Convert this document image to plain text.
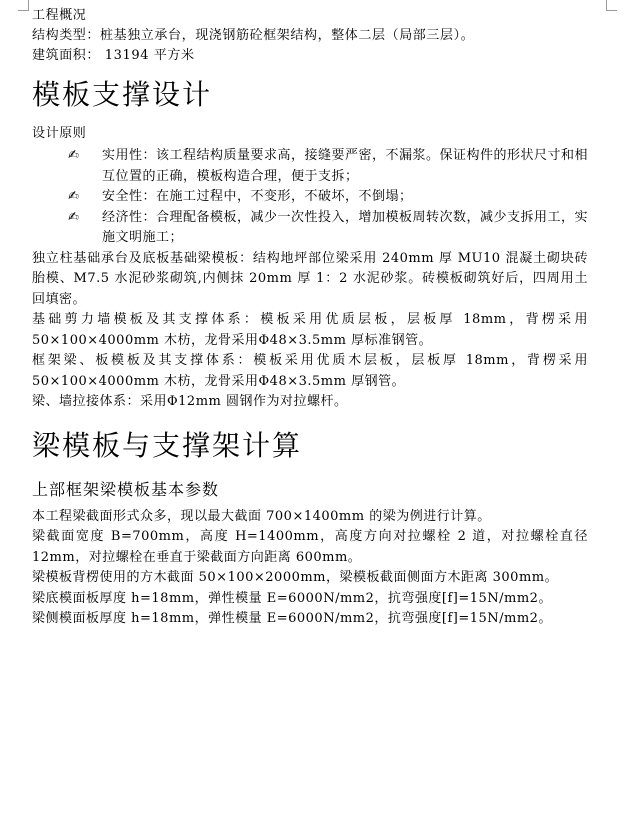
工程概况
结构类型：桩基独立承台，现浇钢筋砼框架结构，整体二层（局部三层）。
建筑面积： 13194 平方米
模板支撑设计
设计原则
✍ 实用性：该工程结构质量要求高，接缝要严密，不漏浆。保证构件的形状尺寸和相互位置的正确，模板构造合理，便于支拆；
✍ 安全性：在施工过程中，不变形，不破坏，不倒塌；
✍ 经济性：合理配备模板，减少一次性投入，增加模板周转次数，减少支拆用工，实施文明施工；
独立柱基础承台及底板基础梁模板：结构地坪部位梁采用 240mm 厚 MU10 混凝土砌块砖胎模、M7.5 水泥砂浆砌筑,内侧抹 20mm 厚 1：2 水泥砂浆。砖模板砌筑好后，四周用土回填密。
基础剪力墙模板及其支撑体系：模板采用优质层板，层板厚 18mm，背楞采用 50×100×4000mm 木枋，龙骨采用Φ48×3.5mm 厚标准钢管。
框架梁、板模板及其支撑体系：模板采用优质木层板，层板厚 18mm，背楞采用 50×100×4000mm 木枋，龙骨采用Φ48×3.5mm 厚钢管。
梁、墙拉接体系：采用Φ12mm 圆钢作为对拉螺杆。
梁模板与支撑架计算
上部框架梁模板基本参数
本工程梁截面形式众多，现以最大截面 700×1400mm 的梁为例进行计算。
梁截面宽度 B=700mm，高度 H=1400mm，高度方向对拉螺栓 2 道，对拉螺栓直径 12mm，对拉螺栓在垂直于梁截面方向距离 600mm。
梁模板背楞使用的方木截面 50×100×2000mm，梁模板截面侧面方木距离 300mm。
梁底模面板厚度 h=18mm，弹性模量 E=6000N/mm2，抗弯强度[f]=15N/mm2。
梁侧模面板厚度 h=18mm，弹性模量 E=6000N/mm2，抗弯强度[f]=15N/mm2。
